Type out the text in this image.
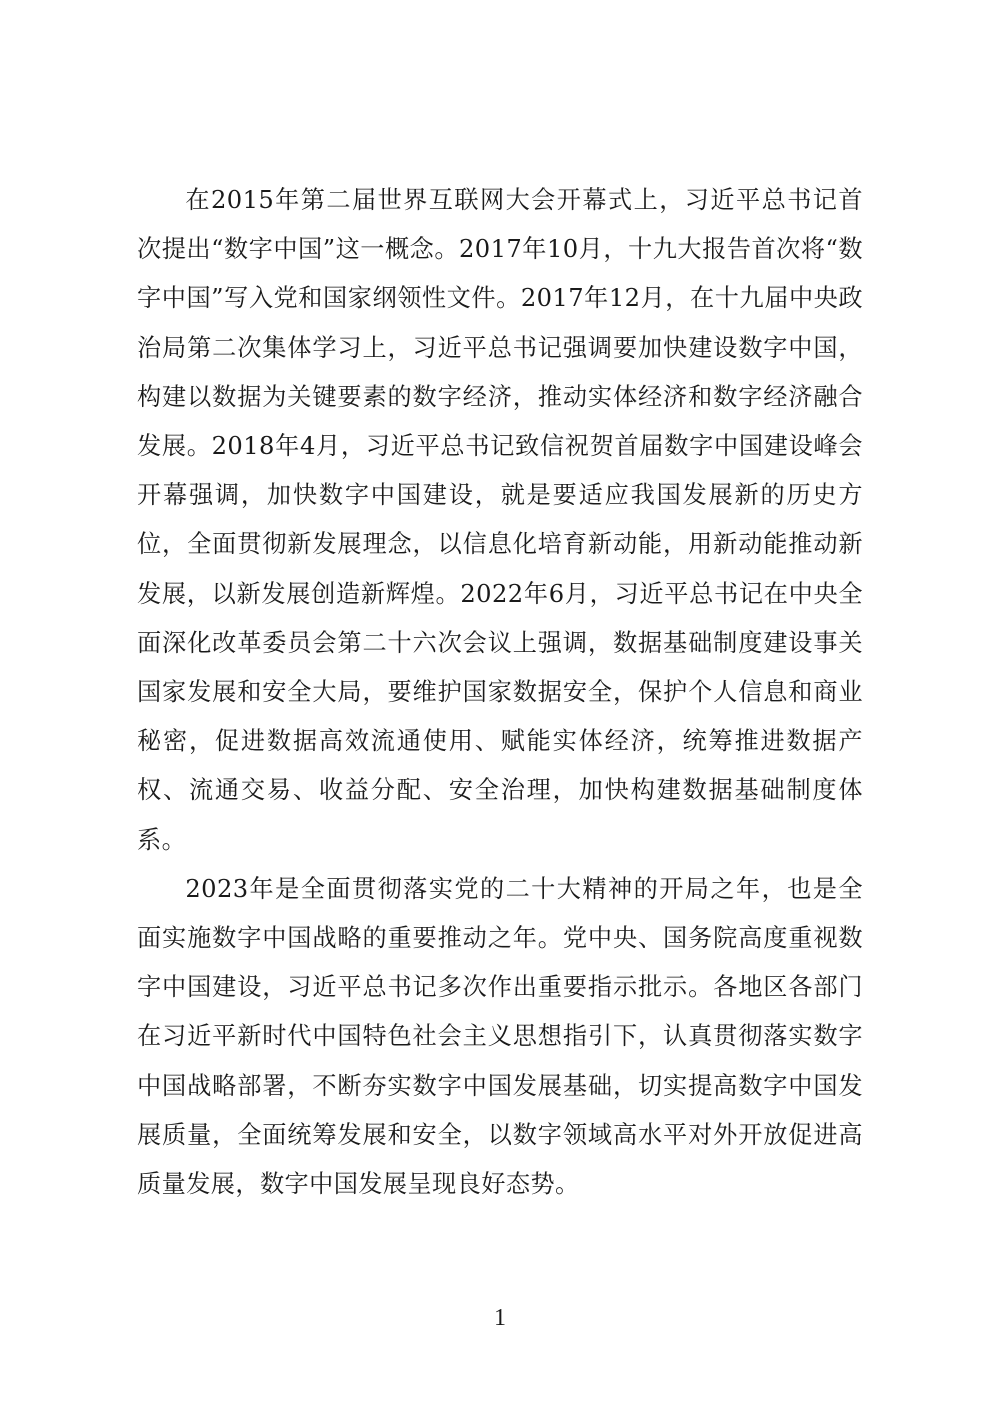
在2015年第二届世界互联网大会开幕式上，习近平总书记首次提出“数字中国”这一概念。2017年10月，十九大报告首次将“数字中国”写入党和国家纲领性文件。2017年12月，在十九届中央政治局第二次集体学习上，习近平总书记强调要加快建设数字中国，构建以数据为关键要素的数字经济，推动实体经济和数字经济融合发展。2018年4月，习近平总书记致信祝贺首届数字中国建设峰会开幕强调，加快数字中国建设，就是要适应我国发展新的历史方位，全面贯彻新发展理念，以信息化培育新动能，用新动能推动新发展，以新发展创造新辉煌。2022年6月，习近平总书记在中央全面深化改革委员会第二十六次会议上强调，数据基础制度建设事关国家发展和安全大局，要维护国家数据安全，保护个人信息和商业秘密，促进数据高效流通使用、赋能实体经济，统筹推进数据产权、流通交易、收益分配、安全治理，加快构建数据基础制度体系。

2023年是全面贯彻落实党的二十大精神的开局之年，也是全面实施数字中国战略的重要推动之年。党中央、国务院高度重视数字中国建设，习近平总书记多次作出重要指示批示。各地区各部门在习近平新时代中国特色社会主义思想指引下，认真贯彻落实数字中国战略部署，不断夯实数字中国发展基础，切实提高数字中国发展质量，全面统筹发展和安全，以数字领域高水平对外开放促进高质量发展，数字中国发展呈现良好态势。

1
